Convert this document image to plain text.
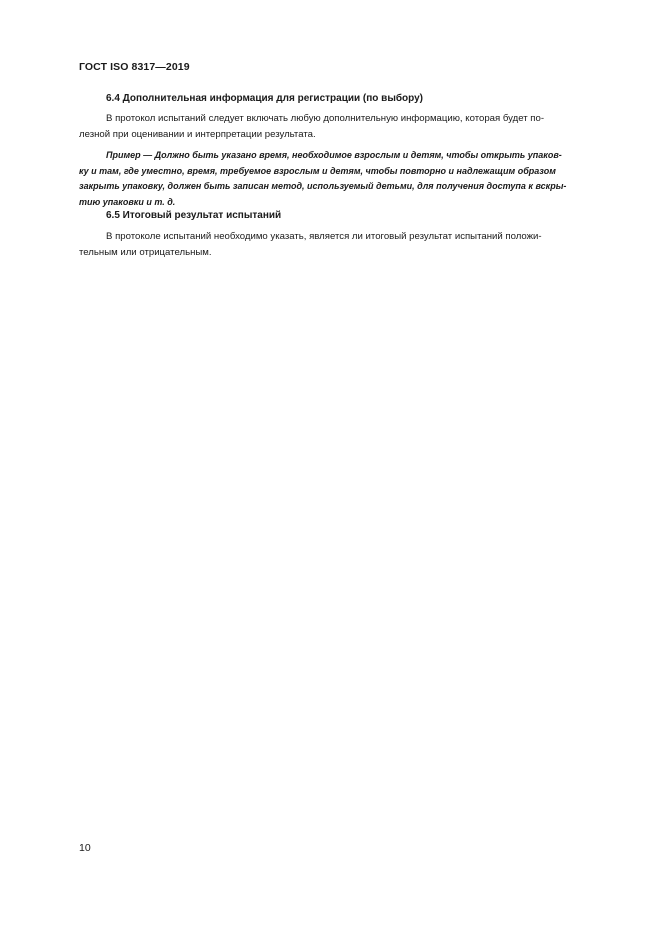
ГОСТ ISO 8317—2019
6.4 Дополнительная информация для регистрации (по выбору)

В протокол испытаний следует включать любую дополнительную информацию, которая будет по-
лезной при оценивании и интерпретации результата.

Пример — Должно быть указано время, необходимое взрослым и детям, чтобы открыть упаков-
ку и там, где уместно, время, требуемое взрослым и детям, чтобы повторно и надлежащим образом
закрыть упаковку, должен быть записан метод, используемый детьми, для получения доступа к вскры-
тию упаковки и т. д.

6.5 Итоговый результат испытаний

В протоколе испытаний необходимо указать, является ли итоговый результат испытаний положи-
тельным или отрицательным.

10
